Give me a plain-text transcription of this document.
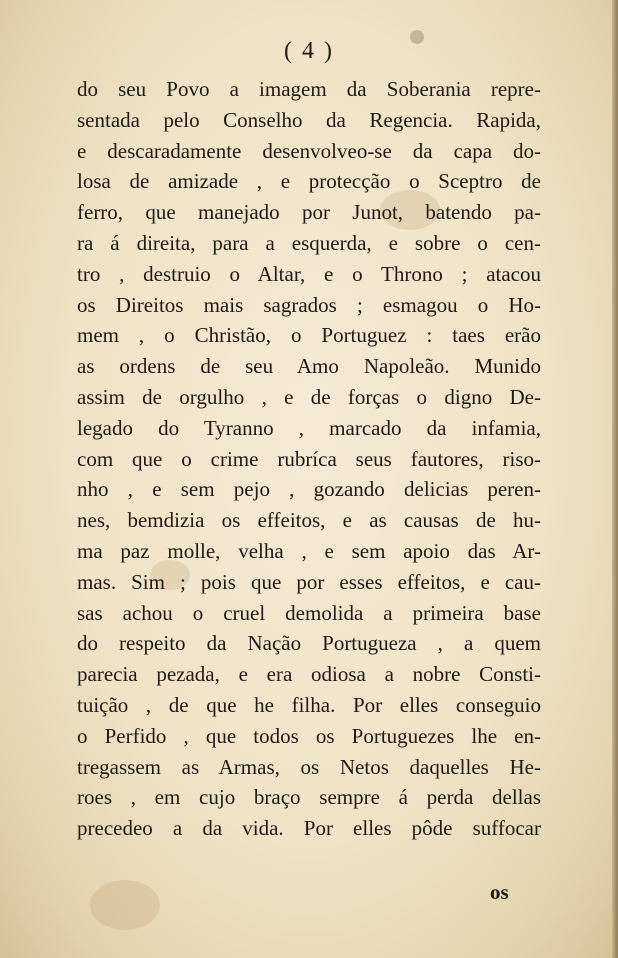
( 4 )
do seu Povo a imagem da Soberania repre-
sentada pelo Conselho da Regencia. Rapida,
e descaradamente desenvolveo-se da capa do-
losa de amizade , e protecção o Sceptro de
ferro, que manejado por Junot, batendo pa-
ra á direita, para a esquerda, e sobre o cen-
tro , destruio o Altar, e o Throno ; atacou
os Direitos mais sagrados ; esmagou o Ho-
mem , o Christão, o Portuguez : taes erão
as ordens de seu Amo Napoleão. Munido
assim de orgulho , e de forças o digno De-
legado do Tyranno , marcado da infamia,
com que o crime rubríca seus fautores, riso-
nho , e sem pejo , gozando delicias peren-
nes, bemdizia os effeitos, e as causas de hu-
ma paz molle, velha , e sem apoio das Ar-
mas. Sim ; pois que por esses effeitos, e cau-
sas achou o cruel demolida a primeira base
do respeito da Nação Portugueza , a quem
parecia pezada, e era odiosa a nobre Consti-
tuição , de que he filha. Por elles conseguio
o Perfido , que todos os Portuguezes lhe en-
tregassem as Armas, os Netos daquelles He-
roes , em cujo braço sempre á perda dellas
precedeo a da vida. Por elles pôde suffocar
os
